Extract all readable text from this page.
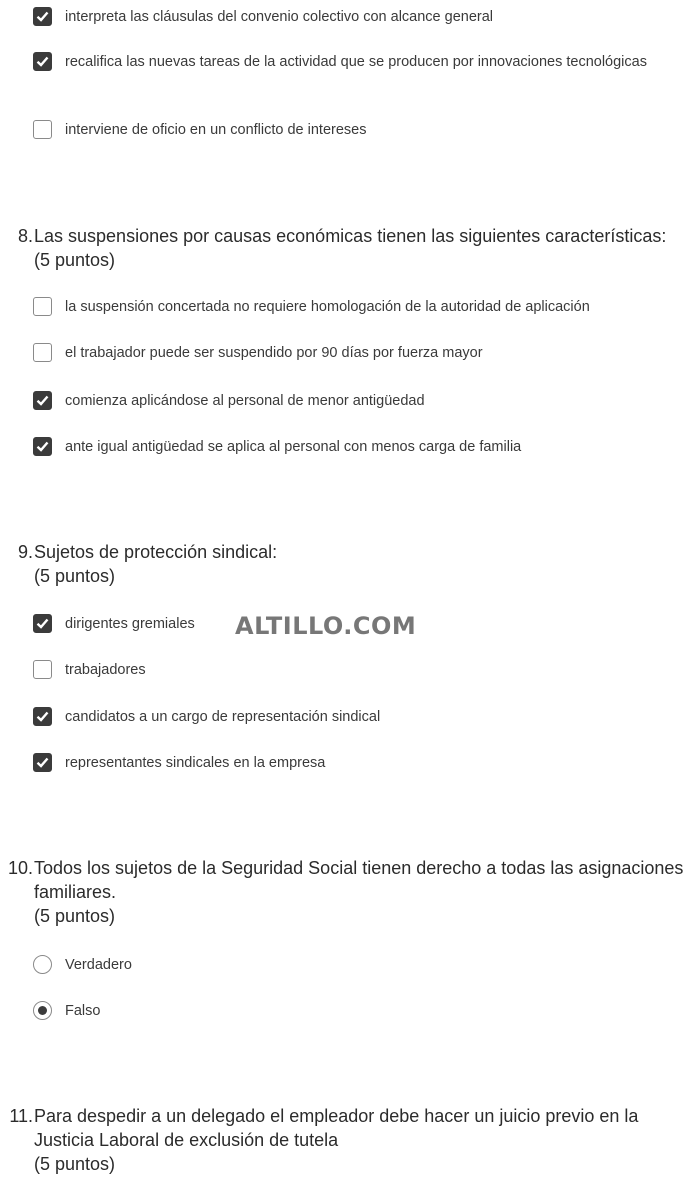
interpreta las cláusulas del convenio colectivo con alcance general
recalifica las nuevas tareas de la actividad que se producen por innovaciones tecnológicas
interviene de oficio en un conflicto de intereses
8. Las suspensiones por causas económicas tienen las siguientes características:
(5 puntos)
la suspensión concertada no requiere homologación de la autoridad de aplicación
el trabajador puede ser suspendido por 90 días por fuerza mayor
comienza aplicándose al personal de menor antigüedad
ante igual antigüedad se aplica al personal con menos carga de familia
9. Sujetos de protección sindical:
(5 puntos)
dirigentes gremiales ALTILLO.COM
trabajadores
candidatos a un cargo de representación sindical
representantes sindicales en la empresa
10. Todos los sujetos de la Seguridad Social tienen derecho a todas las asignaciones familiares.
(5 puntos)
Verdadero
Falso
11. Para despedir a un delegado el empleador debe hacer un juicio previo en la Justicia Laboral de exclusión de tutela
(5 puntos)
